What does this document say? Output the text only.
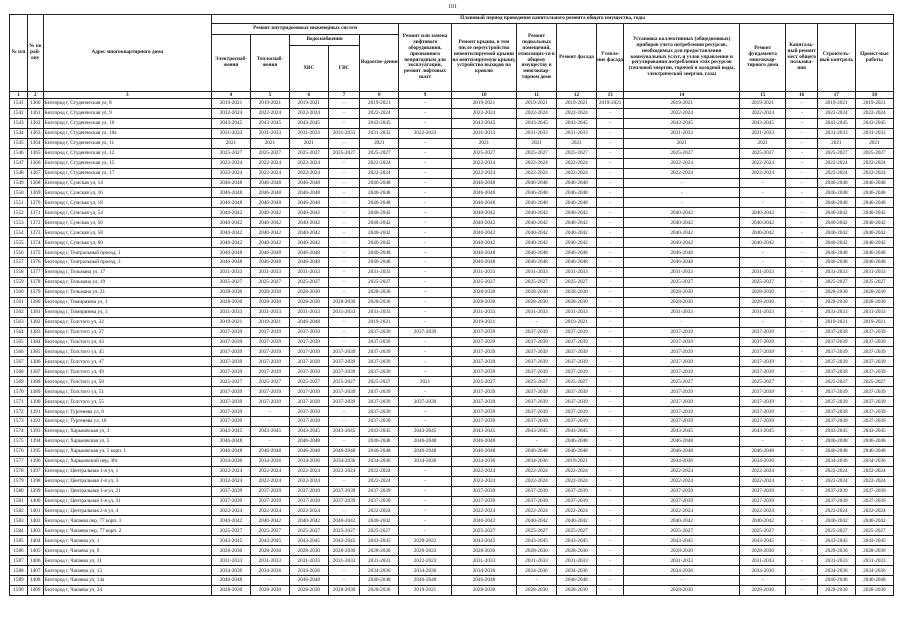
101
№ п/п	№ по рай-ону	Адрес многоквартирного дома	Плановый период проведения капитального ремонта общего имущества, годы														
			Ремонт внутридомовых инженерных систем					Ремонт или замена лифтового оборудования, признанного непригодным для эксплуатации, ремонт лифтовых шахт	Ремонт крыши, в том числе переустройство невентилируемой крыши на вентилируемую крышу, устройство выходов на кровлю	Ремонт подвальных помещений, относящих-ся к общему имуществу в многоквар-тирном доме	Ремонт фасада	Утепле-ние фасада	Установка коллективных (общедомовых) приборов учета потребления ресурсов, необходимых для предоставления коммунальных услуг, и узлов управления и регулирования потребления этих ресурсов (тепловой энергии, горячей и холодной воды, электрической энергии, газа)	Ремонт фундамента многоквар-тирного дома	Капиталь-ный ремонт мест общего пользова-ния	Строитель-ный контроль	Проект-ные работы
			Электроснаб-жения	Теплоснаб-жения	Водоснабжения		Водоотве-дения										
					ХВС	ГВС											
1	2	3	4	5	6	7	8	9	10	11	12	13	14	15	16	17	18
1541	1360	Белгород г, Студенческая ул, 8	2019-2021	2019-2021	2019-2021	-	2019-2021	-	2019-2021	2019-2021	2019-2021	2019-2021	2019-2021	2019-2021	-	2019-2021	2019-2021
1542	1361	Белгород г, Студенческая ул, 9	2022-2024	2022-2024	2022-2024	-	2022-2024	-	2022-2024	2022-2024	2022-2024	-	2022-2024	2022-2024	-	2022-2024	2022-2024
1543	1362	Белгород г, Студенческая ул, 10	2043-2045	2043-2045	2043-2045	-	2043-2045	-	2043-2045	2043-2045	2043-2045	-	2043-2045	2043-2045	-	2043-2045	2043-2045
1544	1363	Белгород г, Студенческая ул, 10а	2031-2033	2031-2033	2031-2033	2031-2033	2031-2033	2022-2023	2031-2033	2031-2033	2031-2033	-	2031-2033	2031-2033	-	2031-2033	2031-2033
1545	1364	Белгород г, Студенческая ул, 11	2021	2021	2021	-	2021	-	2021	2021	2021	-	2021	2021	-	2021	2021
1546	1365	Белгород г, Студенческая ул, 12	2025-2027	2025-2027	2025-2027	2025-2027	2025-2027	-	2025-2027	2025-2027	2025-2027	-	2025-2027	2025-2027	-	2025-2027	2025-2027
1547	1366	Белгород г, Студенческая ул, 15	2022-2024	2022-2024	2022-2024	-	2022-2024	-	2022-2024	2022-2024	2022-2024	-	2022-2024	2022-2024	-	2022-2024	2022-2024
1548	1367	Белгород г, Студенческая ул, 17	2022-2024	2022-2024	2022-2024	-	2022-2024	-	2022-2024	2022-2024	2022-2024	-	2022-2024	2022-2024	-	2022-2024	2022-2024
1549	1368	Белгород г, Сумская ул, 14	2046-2048	2046-2048	2046-2048	-	2046-2048	-	2046-2048	2046-2048	2046-2048	-	-	-	-	2046-2048	2046-2048
1550	1369	Белгород г, Сумская ул, 16	2046-2048	2046-2048	2046-2048	-	2046-2048	-	2046-2048	2046-2048	2046-2048	-	-	-	-	2046-2048	2046-2048
1551	1370	Белгород г, Сумская ул, 18	2046-2048	2046-2048	2046-2048	-	2046-2048	-	2046-2048	2046-2048	2046-2048	-	-	-	-	2046-2048	2046-2048
1552	1371	Белгород г, Сумская ул, 54	2040-2042	2040-2042	2040-2042	-	2040-2042	-	2040-2042	2040-2042	2040-2042	-	2040-2042	2040-2042	-	2040-2042	2040-2042
1553	1372	Белгород г, Сумская ул, 56	2040-2042	2040-2042	2040-2042	-	2040-2042	-	2040-2042	2040-2042	2040-2042	-	2040-2042	2040-2042	-	2040-2042	2040-2042
1554	1373	Белгород г, Сумская ул, 58	2040-2042	2040-2042	2040-2042	-	2040-2042	-	2040-2042	2040-2042	2040-2042	-	2040-2042	2040-2042	-	2040-2042	2040-2042
1555	1374	Белгород г, Сумская ул, 60	2040-2042	2040-2042	2040-2042	-	2040-2042	-	2040-2042	2040-2042	2040-2042	-	2040-2042	2040-2042	-	2040-2042	2040-2042
1556	1375	Белгород г, Театральный проезд, 1	2046-2048	2046-2048	2046-2048	-	2046-2048	-	2046-2048	2046-2048	2046-2048	-	2046-2048	-	-	2046-2048	2046-2048
1557	1376	Белгород г, Театральный проезд, 3	2046-2048	2046-2048	2046-2048	-	2046-2048	-	2046-2048	2046-2048	2046-2048	-	2046-2048	-	-	2046-2048	2046-2048
1558	1377	Белгород г, Тельмана ул, 17	2031-2033	2031-2033	2031-2033	-	2031-2033	-	2031-2033	2031-2033	2031-2033	-	2031-2033	2031-2033	-	2031-2033	2031-2033
1559	1378	Белгород г, Тельмана ул, 19	2025-2027	2025-2027	2025-2027	-	2025-2027	-	2025-2027	2025-2027	2025-2027	-	2025-2027	2025-2027	-	2025-2027	2025-2027
1560	1379	Белгород г, Тельмана ул, 21	2028-2030	2028-2030	2028-2030	-	2028-2030	-	2028-2030	2028-2030	2028-2030	-	2028-2030	2028-2030	-	2028-2030	2028-2030
1561	1380	Белгород г, Тимирязева ул, 1	2028-2030	2028-2030	2028-2030	2028-2030	2028-2030	-	2028-2030	2028-2030	2028-2030	-	2028-2030	2028-2030	-	2028-2030	2028-2030
1562	1381	Белгород г, Тимирязева ул, 3	2031-2033	2031-2033	2031-2033	2031-2033	2031-2033	-	2031-2033	2031-2033	2031-2033	-	2031-2033	2031-2033	-	2031-2033	2031-2033
1563	1382	Белгород г, Толстого ул, 32	2019-2021	2019-2021	2046-2048	-	2019-2021	-	2019-2021	-	2019-2021	-	-	-	-	2019-2021	2019-2021
1564	1383	Белгород г, Толстого ул, 37	2037-2039	2037-2039	2037-2039	-	2037-2039	2037-2039	2037-2039	2037-2039	2037-2039	-	2037-2039	2037-2039	-	2037-2039	2037-2039
1565	1384	Белгород г, Толстого ул, 43	2037-2039	2037-2039	2037-2039	-	2037-2039	-	2037-2039	2037-2039	2037-2039	-	2037-2039	2037-2039	-	2037-2039	2037-2039
1566	1385	Белгород г, Толстого ул, 45	2037-2039	2037-2039	2037-2039	2037-2039	2037-2039	-	2037-2039	2037-2039	2037-2039	-	2037-2039	2037-2039	-	2037-2039	2037-2039
1567	1386	Белгород г, Толстого ул, 47	2037-2039	2037-2039	2037-2039	2037-2039	2037-2039	-	2037-2039	2037-2039	2037-2039	-	2037-2039	2037-2039	-	2037-2039	2037-2039
1568	1387	Белгород г, Толстого ул, 49	2037-2039	2037-2039	2037-2039	2037-2039	2037-2039	-	2037-2039	2037-2039	2037-2039	-	2037-2039	2037-2039	-	2037-2039	2037-2039
1569	1388	Белгород г, Толстого ул, 50	2025-2027	2025-2027	2025-2027	2025-2027	2025-2027	2021	2025-2027	2025-2027	2025-2027	-	2025-2027	2025-2027	-	2025-2027	2025-2027
1570	1389	Белгород г, Толстого ул, 51	2037-2039	2037-2039	2037-2039	2037-2039	2037-2039	-	2037-2039	2037-2039	2037-2039	-	2037-2039	2037-2039	-	2037-2039	2037-2039
1571	1390	Белгород г, Толстого ул, 55	2037-2039	2037-2039	2037-2039	2037-2039	2037-2039	2037-2039	2037-2039	2037-2039	2037-2039	-	2037-2039	2037-2039	-	2037-2039	2037-2039
1572	1391	Белгород г, Тургенева ул, 8	2037-2039	-	2037-2039	-	2037-2039	-	2037-2039	2037-2039	2037-2039	-	2037-2039	2037-2039	-	2037-2039	2037-2039
1573	1392	Белгород г, Тургенева ул, 10	2037-2039	-	2037-2039	-	2037-2039	-	2037-2039	2037-2039	2037-2039	-	2037-2039	2037-2039	-	2037-2039	2037-2039
1574	1393	Белгород г, Харьковская ул, 3	2043-2045	2043-2045	2043-2045	2043-2045	2043-2045	2043-2045	2043-2045	2043-2045	2043-2045	-	2043-2045	2043-2045	-	2043-2045	2043-2045
1575	1394	Белгород г, Харьковская ул, 5	2046-2048	-	2046-2048	-	2046-2048	2046-2048	2046-2048	-	2046-2048	-	2046-2048	-	-	2046-2048	2046-2048
1576	1395	Белгород г, Харьковская ул, 5 корп. 1	2046-2048	2046-2048	2046-2048	2046-2048	2046-2048	2046-2048	2046-2048	2046-2048	2046-2048	-	2046-2048	2046-2048	-	2046-2048	2046-2048
1577	1396	Белгород г, Харьковский пер, 36г	2034-2036	2034-2036	2034-2036	2034-2036	2034-2036	2034-2036	2034-2036	2034-2036	2019-2021	-	2034-2036	2034-2036	-	2034-2036	2034-2036
1578	1397	Белгород г, Центральная 1-я ул, 1	2022-2024	2022-2024	2022-2024	2022-2024	2022-2024	-	2022-2024	2022-2024	2022-2024	-	2022-2024	2022-2024	-	2022-2024	2022-2024
1579	1398	Белгород г, Центральная 1-я ул, 3	2022-2024	2022-2024	2022-2024	-	2022-2024	-	2022-2024	2022-2024	2022-2024	-	2022-2024	2022-2024	-	2022-2024	2022-2024
1580	1399	Белгород г, Центральная 1-я ул, 21	2037-2039	2037-2039	2037-2039	2037-2039	2037-2039	-	2037-2039	2037-2039	2037-2039	-	2037-2039	2037-2039	-	2037-2039	2037-2039
1581	1400	Белгород г, Центральная 1-я ул, 31	2037-2039	2037-2039	2037-2039	2037-2039	2037-2039	-	2037-2039	2037-2039	2037-2039	-	2037-2039	2037-2039	-	2037-2039	2037-2039
1582	1401	Белгород г, Центральная 2-я ул, 4	2022-2024	2022-2024	2022-2024	-	2022-2024	-	2022-2024	2022-2024	2022-2024	-	2022-2024	2022-2024	-	2022-2024	2022-2024
1583	1402	Белгород г, Чапаева пер, 77 корп. 1	2040-2042	2040-2042	2040-2042	2040-2042	2040-2042	-	2040-2042	2040-2042	2040-2042	-	2040-2042	2040-2042	-	2040-2042	2040-2042
1584	1403	Белгород г, Чапаева пер, 77 корп. 2	2025-2027	2025-2027	2025-2027	2025-2027	2025-2027	-	2025-2027	2025-2027	2025-2027	-	2025-2027	2025-2027	-	2025-2027	2025-2027
1585	1404	Белгород г, Чапаева ул, 1	2043-2045	2043-2045	2043-2045	2043-2045	2043-2045	2020-2022	2043-2045	2043-2045	2043-2045	-	2043-2045	2043-2045	-	2043-2045	2043-2045
1586	1405	Белгород г, Чапаева ул, 9	2028-2030	2028-2030	2028-2030	2028-2030	2028-2030	2020-2022	2028-2030	2028-2030	2028-2030	-	2028-2030	2028-2030	-	2028-2030	2028-2030
1587	1406	Белгород г, Чапаева ул, 11	2031-2033	2031-2033	2031-2033	2031-2033	2031-2033	2022-2023	2031-2033	2031-2033	2031-2033	-	2031-2033	2031-2033	-	2031-2033	2031-2033
1588	1407	Белгород г, Чапаева ул, 13	2034-2036	2034-2036	2034-2036	-	2034-2036	2034-2036	2034-2036	2034-2036	2034-2036	-	2034-2036	2034-2036	-	2034-2036	2034-2036
1589	1408	Белгород г, Чапаева ул, 14а	2046-2048	-	2046-2048	-	2046-2048	2046-2048	2046-2048	-	2046-2048	-	-	-	-	2046-2048	2046-2048
1590	1409	Белгород г, Чапаева ул, 24	2028-2030	2028-2030	2028-2030	2028-2030	2028-2030	2019-2021	2028-2030	2028-2030	2028-2030	-	2028-2030	2028-2030	-	2028-2030	2028-2030
